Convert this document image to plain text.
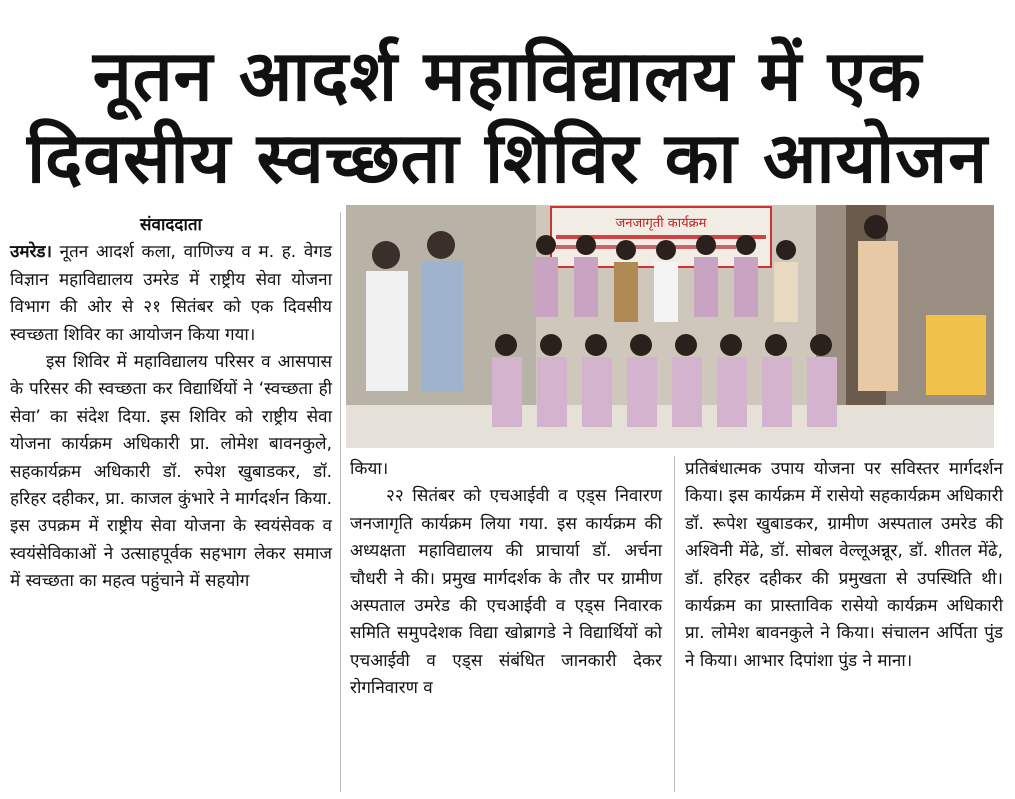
नूतन आदर्श महाविद्यालय में एक
दिवसीय स्वच्छता शिविर का आयोजन

संवाददाता

उमरेड। नूतन आदर्श कला, वाणिज्य व म. ह. वेगड विज्ञान महाविद्यालय उमरेड में राष्ट्रीय सेवा योजना विभाग की ओर से २१ सितंबर को एक दिवसीय स्वच्छता शिविर का आयोजन किया गया।

इस शिविर में महाविद्यालय परिसर व आसपास के परिसर की स्वच्छता कर विद्यार्थियों ने ‘स्वच्छता ही सेवा’ का संदेश दिया. इस शिविर को राष्ट्रीय सेवा योजना कार्यक्रम अधिकारी प्रा. लोमेश बावनकुले, सहकार्यक्रम अधिकारी डॉ. रुपेश खुबाडकर, डॉ. हरिहर दहीकर, प्रा. काजल कुंभारे ने मार्गदर्शन किया. इस उपक्रम में राष्ट्रीय सेवा योजना के स्वयंसेवक व स्वयंसेविकाओं ने उत्साहपूर्वक सहभाग लेकर समाज में स्वच्छता का महत्व पहुंचाने में सहयोग

जनजागृती कार्यक्रम

किया।

२२ सितंबर को एचआईवी व एड्स निवारण जनजागृति कार्यक्रम लिया गया. इस कार्यक्रम की अध्यक्षता महाविद्यालय की प्राचार्या डॉ. अर्चना चौधरी ने की। प्रमुख मार्गदर्शक के तौर पर ग्रामीण अस्पताल उमरेड की एचआईवी व एड्स निवारक समिति समुपदेशक विद्या खोब्रागडे ने विद्यार्थियों को एचआईवी व एड्स संबंधित जानकारी देकर रोगनिवारण व

प्रतिबंधात्मक उपाय योजना पर सविस्तर मार्गदर्शन किया। इस कार्यक्रम में रासेयो सहकार्यक्रम अधिकारी डॉ. रूपेश खुबाडकर, ग्रामीण अस्पताल उमरेड की अश्विनी मेंढे, डॉ. सोबल वेल्लूअन्नूर, डॉ. शीतल मेंढे, डॉ. हरिहर दहीकर की प्रमुखता से उपस्थिति थी। कार्यक्रम का प्रास्ताविक रासेयो कार्यक्रम अधिकारी प्रा. लोमेश बावनकुले ने किया। संचालन अर्पिता पुंड ने किया। आभार दिपांशा पुंड ने माना।
